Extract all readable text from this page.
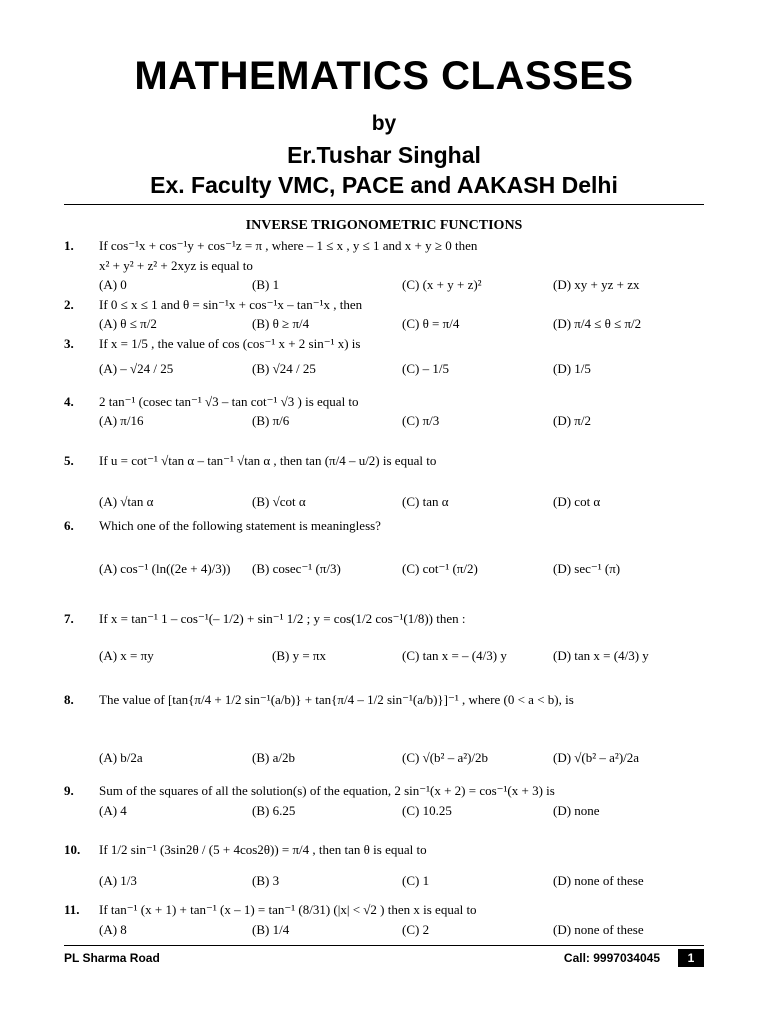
MATHEMATICS CLASSES
by
Er.Tushar Singhal
Ex. Faculty VMC, PACE and AAKASH Delhi
INVERSE TRIGONOMETRIC FUNCTIONS
1. If cos⁻¹x + cos⁻¹y + cos⁻¹z = π , where – 1 ≤ x , y ≤ 1 and x + y ≥ 0 then
x² + y² + z² + 2xyz is equal to
(A) 0	(B) 1	(C) (x + y + z)²	(D) xy + yz + zx
2. If 0 ≤ x ≤ 1 and θ = sin⁻¹x + cos⁻¹x – tan⁻¹x , then
(A) θ ≤ π/2	(B) θ ≥ π/4	(C) θ = π/4	(D) π/4 ≤ θ ≤ π/2
3. If x = 1/5 , the value of cos (cos⁻¹ x + 2 sin⁻¹ x) is
(A) – √24 / 25	(B) √24 / 25	(C) – 1/5	(D) 1/5
4. 2 tan⁻¹ (cosec tan⁻¹ √3 – tan cot⁻¹ √3 ) is equal to
(A) π/16	(B) π/6	(C) π/3	(D) π/2
5. If u = cot⁻¹ √tan α – tan⁻¹ √tan α , then tan (π/4 – u/2) is equal to
(A) √tan α	(B) √cot α	(C) tan α	(D) cot α
6. Which one of the following statement is meaningless?
(A) cos⁻¹ (ln((2e + 4)/3)) (B) cosec⁻¹ (π/3)	(C) cot⁻¹ (π/2)	(D) sec⁻¹ (π)
7. If x = tan⁻¹ 1 – cos⁻¹(– 1/2) + sin⁻¹ 1/2 ; y = cos(1/2 cos⁻¹(1/8)) then :
(A) x = πy	(B) y = πx	(C) tan x = – (4/3) y	(D) tan x = (4/3) y
8. The value of [tan{π/4 + 1/2 sin⁻¹(a/b)} + tan{π/4 – 1/2 sin⁻¹(a/b)}]⁻¹ , where (0 < a < b), is
(A) b/2a	(B) a/2b	(C) √(b² – a²)/2b	(D) √(b² – a²)/2a
9. Sum of the squares of all the solution(s) of the equation, 2 sin⁻¹(x + 2) = cos⁻¹(x + 3) is
(A) 4	(B) 6.25	(C) 10.25	(D) none
10. If 1/2 sin⁻¹ (3sin2θ / (5 + 4cos2θ)) = π/4 , then tan θ is equal to
(A) 1/3	(B) 3	(C) 1	(D) none of these
11. If tan⁻¹ (x + 1) + tan⁻¹ (x – 1) = tan⁻¹ (8/31) (|x| < √2 ) then x is equal to
(A) 8	(B) 1/4	(C) 2	(D) none of these
PL Sharma Road	Call: 9997034045	1
